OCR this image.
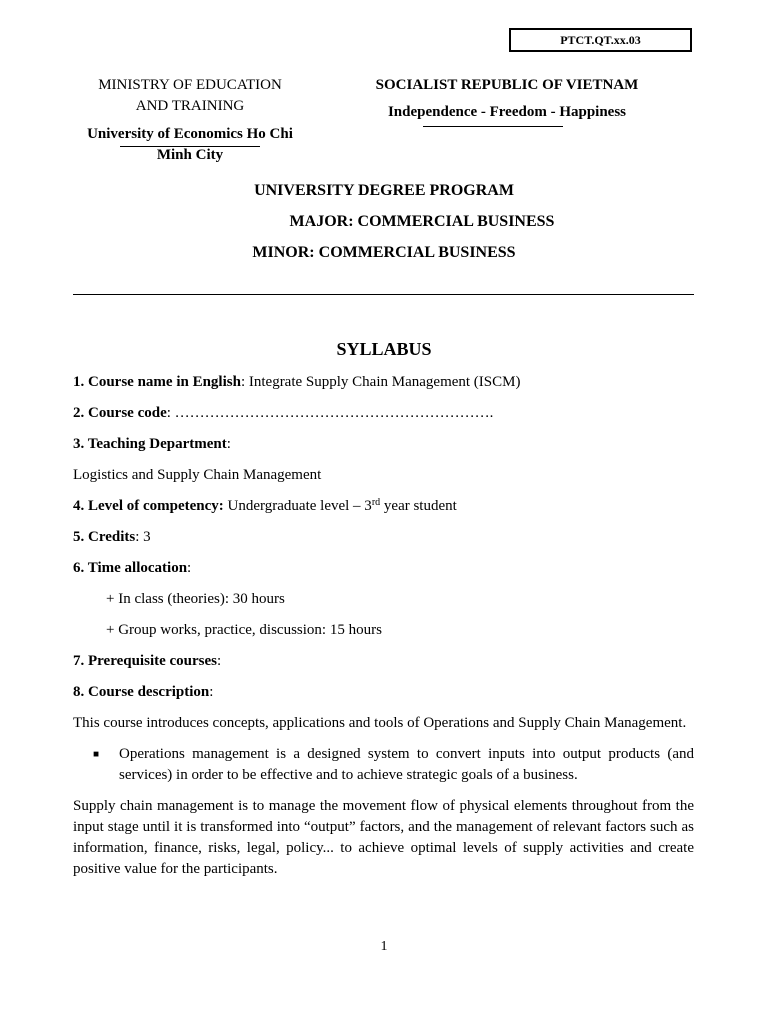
PTCT.QT.xx.03
MINISTRY OF EDUCATION
AND TRAINING
University of Economics Ho Chi
Minh City
SOCIALIST REPUBLIC OF VIETNAM
Independence - Freedom - Happiness
UNIVERSITY DEGREE PROGRAM
MAJOR: COMMERCIAL BUSINESS
MINOR: COMMERCIAL BUSINESS
SYLLABUS
1. Course name in English: Integrate Supply Chain Management (ISCM)
2. Course code: ……………………………………………………….
3. Teaching Department:
Logistics and Supply Chain Management
4. Level of competency: Undergraduate level – 3rd year student
5. Credits: 3
6. Time allocation:
+ In class (theories): 30 hours
+ Group works, practice, discussion: 15 hours
7. Prerequisite courses:
8. Course description:

This course introduces concepts, applications and tools of Operations and Supply Chain Management.

■	Operations management is a designed system to convert inputs into output products (and services) in order to be effective and to achieve strategic goals of a business.

Supply chain management is to manage the movement flow of physical elements throughout from the input stage until it is transformed into “output” factors, and the management of relevant factors such as information, finance, risks, legal, policy... to achieve optimal levels of supply activities and create positive value for the participants.

1
